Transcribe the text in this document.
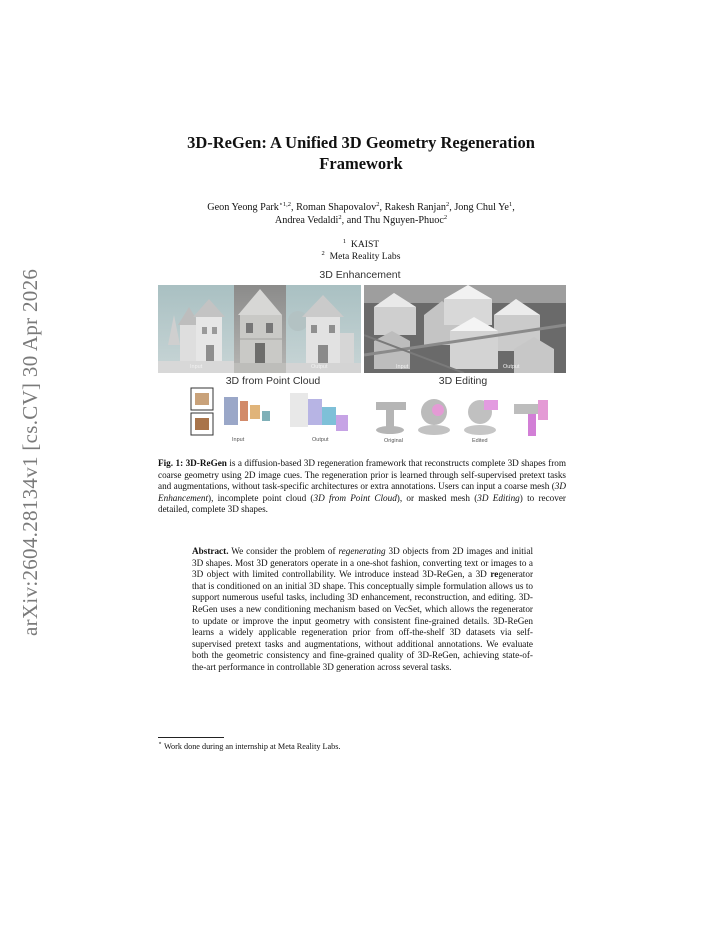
arXiv:2604.28134v1 [cs.CV] 30 Apr 2026
3D-ReGen: A Unified 3D Geometry Regeneration
Framework
Geon Yeong Park$^{⋆1,2}$, Roman Shapovalov$^2$, Rakesh Ranjan$^2$, Jong Chul Ye$^1$,
Andrea Vedaldi$^2$, and Thu Nguyen-Phuoc$^2$
$^1$ KAIST
$^2$ Meta Reality Labs
3D Enhancement
Input	Output	Input	Output
3D from Point Cloud	3D Editing
Input	Output	Original	Edited
Fig. 1: 3D-ReGen is a diffusion-based 3D regeneration framework that reconstructs complete 3D shapes from coarse geometry using 2D image cues. The regeneration prior is learned through self-supervised pretext tasks and augmentations, without task-specific architectures or extra annotations. Users can input a coarse mesh (3D Enhancement), incomplete point cloud (3D from Point Cloud), or masked mesh (3D Editing) to recover detailed, complete 3D shapes.
Abstract. We consider the problem of regenerating 3D objects from 2D images and initial 3D shapes. Most 3D generators operate in a one-shot fashion, converting text or images to a 3D object with limited controllability. We introduce instead 3D-ReGen, a 3D regenerator that is conditioned on an initial 3D shape. This conceptually simple formulation allows us to support numerous useful tasks, including 3D enhancement, reconstruction, and editing. 3D-ReGen uses a new conditioning mechanism based on VecSet, which allows the regenerator to update or improve the input geometry with consistent fine-grained details. 3D-ReGen learns a widely applicable regeneration prior from off-the-shelf 3D datasets via self-supervised pretext tasks and augmentations, without additional annotations. We evaluate both the geometric consistency and fine-grained quality of 3D-ReGen, achieving state-of-the-art performance in controllable 3D generation across several tasks.
⋆ Work done during an internship at Meta Reality Labs.
